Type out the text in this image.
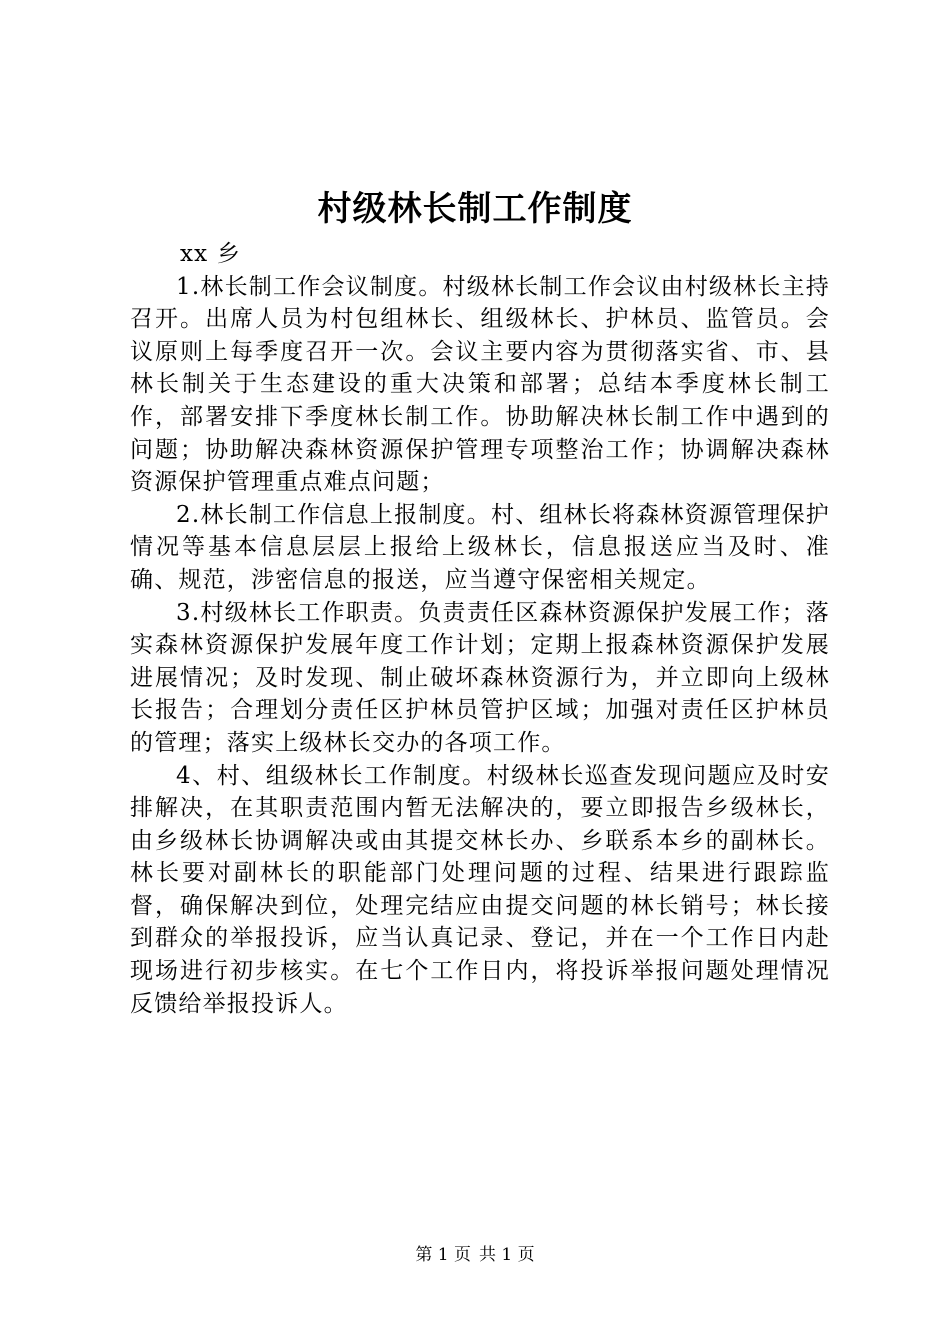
村级林长制工作制度

xx 乡

1.林长制工作会议制度。村级林长制工作会议由村级林长主持召开。出席人员为村包组林长、组级林长、护林员、监管员。会议原则上每季度召开一次。会议主要内容为贯彻落实省、市、县林长制关于生态建设的重大决策和部署；总结本季度林长制工作，部署安排下季度林长制工作。协助解决林长制工作中遇到的问题；协助解决森林资源保护管理专项整治工作；协调解决森林资源保护管理重点难点问题；

2.林长制工作信息上报制度。村、组林长将森林资源管理保护情况等基本信息层层上报给上级林长，信息报送应当及时、准确、规范，涉密信息的报送，应当遵守保密相关规定。

3.村级林长工作职责。负责责任区森林资源保护发展工作；落实森林资源保护发展年度工作计划；定期上报森林资源保护发展进展情况；及时发现、制止破坏森林资源行为，并立即向上级林长报告；合理划分责任区护林员管护区域；加强对责任区护林员的管理；落实上级林长交办的各项工作。

4、村、组级林长工作制度。村级林长巡查发现问题应及时安排解决，在其职责范围内暂无法解决的，要立即报告乡级林长，由乡级林长协调解决或由其提交林长办、乡联系本乡的副林长。林长要对副林长的职能部门处理问题的过程、结果进行跟踪监督，确保解决到位，处理完结应由提交问题的林长销号；林长接到群众的举报投诉，应当认真记录、登记，并在一个工作日内赴现场进行初步核实。在七个工作日内，将投诉举报问题处理情况反馈给举报投诉人。

第 1 页 共 1 页
